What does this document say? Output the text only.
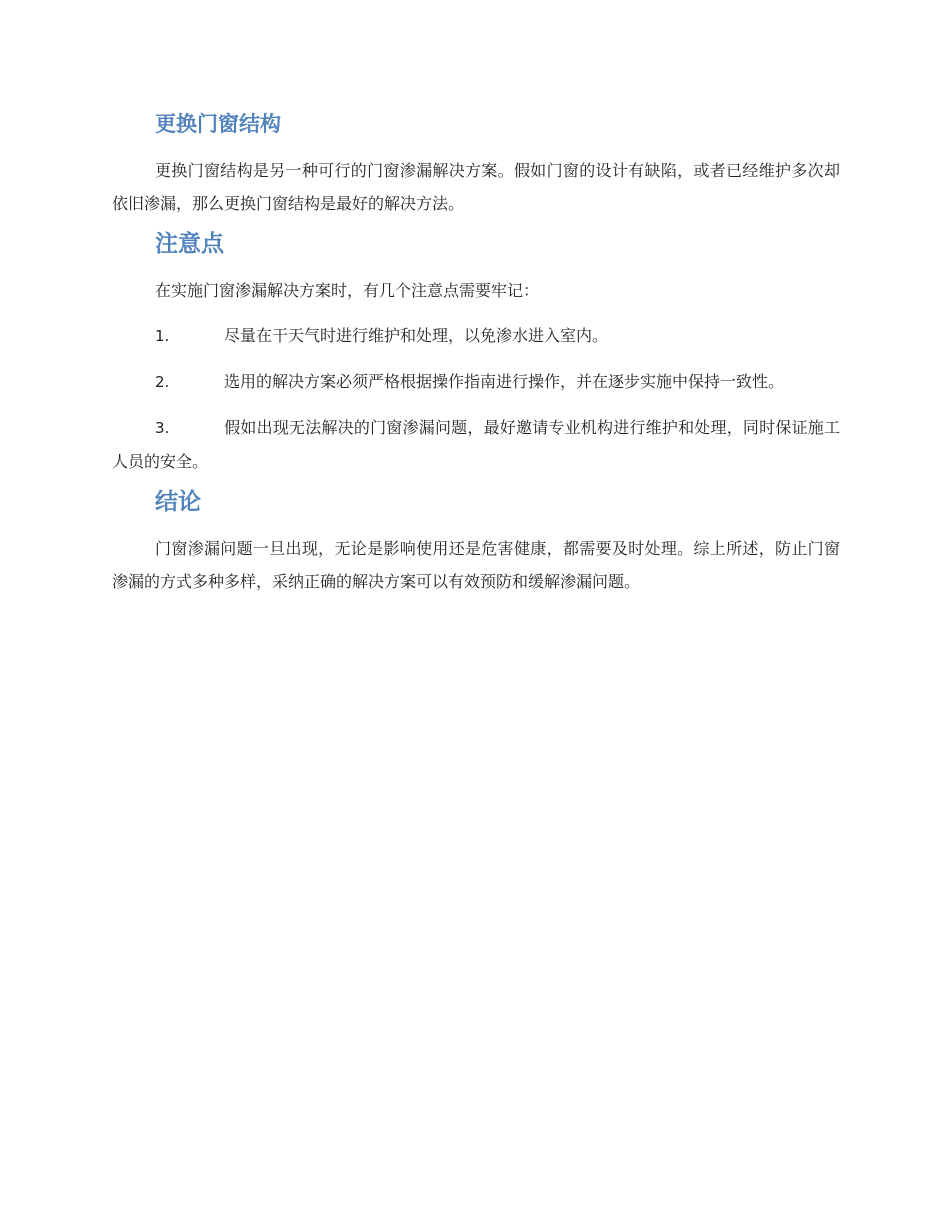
更换门窗结构

更换门窗结构是另一种可行的门窗渗漏解决方案。假如门窗的设计有缺陷，或者已经维护多次却依旧渗漏，那么更换门窗结构是最好的解决方法。

注意点

在实施门窗渗漏解决方案时，有几个注意点需要牢记：

1.	尽量在干天气时进行维护和处理，以免渗水进入室内。
2.	选用的解决方案必须严格根据操作指南进行操作，并在逐步实施中保持一致性。
3.	假如出现无法解决的门窗渗漏问题，最好邀请专业机构进行维护和处理，同时保证施工人员的安全。
结论

门窗渗漏问题一旦出现，无论是影响使用还是危害健康，都需要及时处理。综上所述，防止门窗渗漏的方式多种多样，采纳正确的解决方案可以有效预防和缓解渗漏问题。
